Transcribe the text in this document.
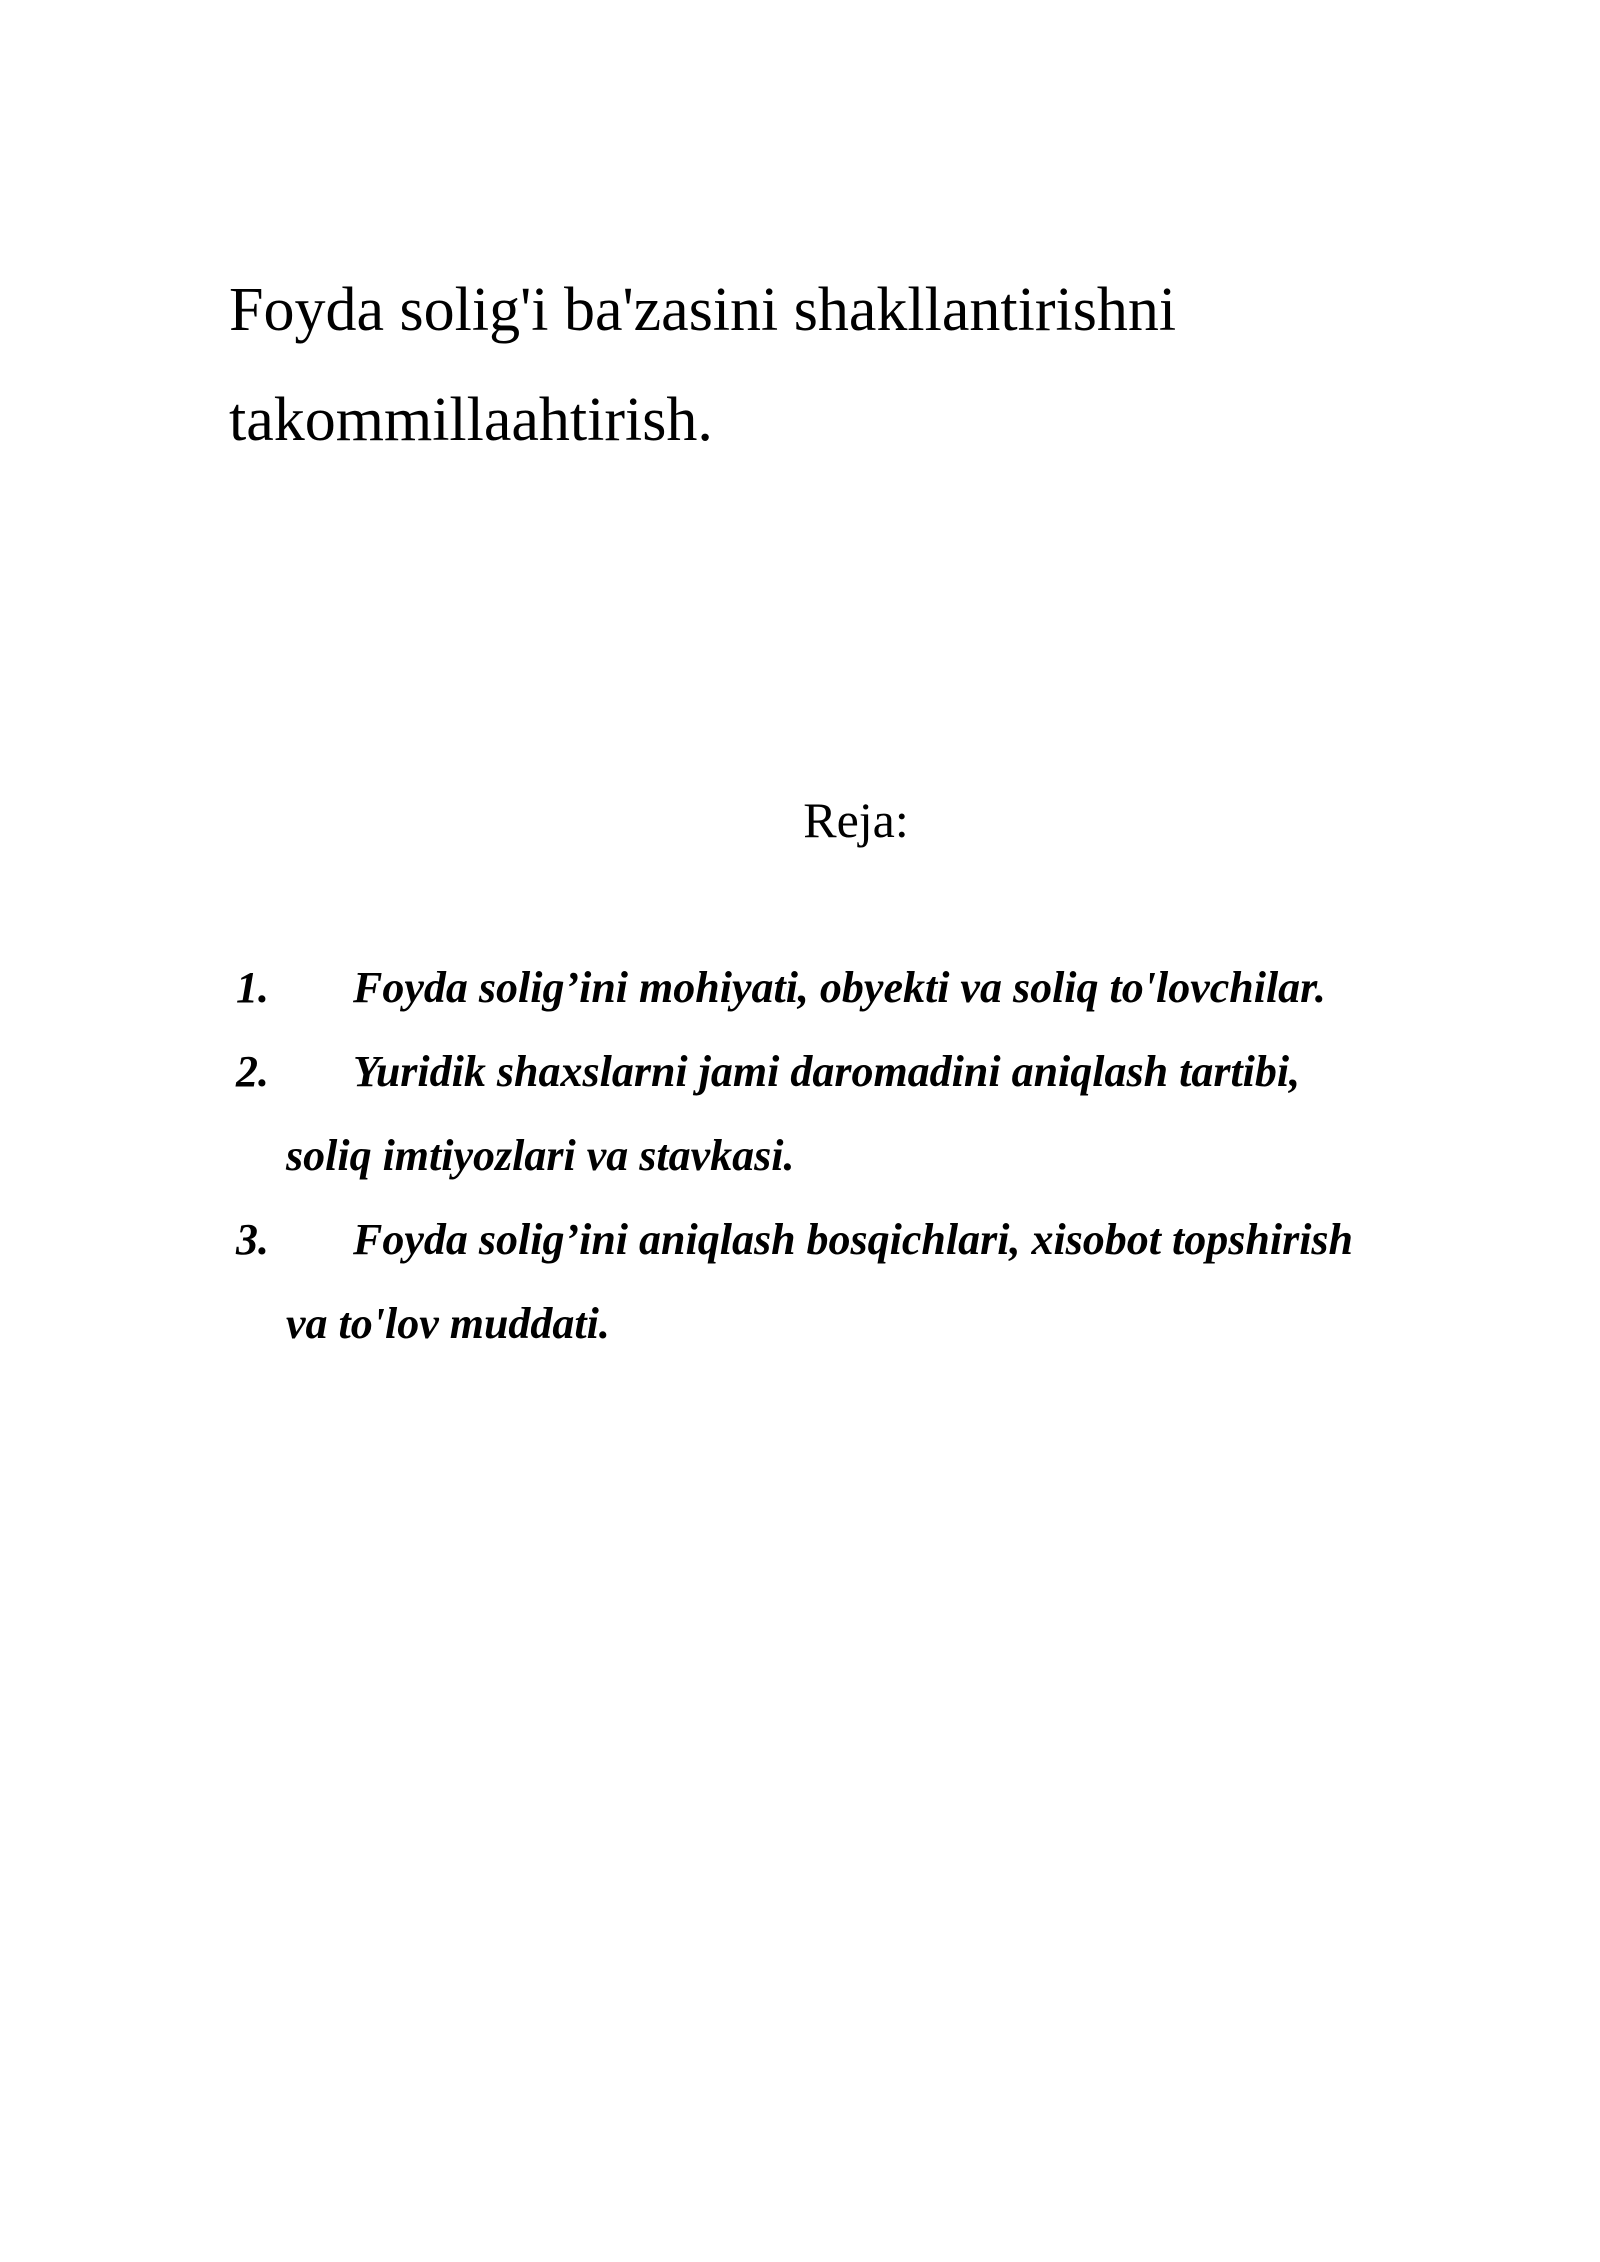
Foyda solig'i ba'zasini shakllantirishni
takommillaahtirish.
Reja:
1.	Foyda solig’ini mohiyati, obyekti va soliq to'lovchilar.
2.	Yuridik shaxslarni jami daromadini aniqlash tartibi,
soliq imtiyozlari va stavkasi.
3.	Foyda solig’ini aniqlash bosqichlari, xisobot topshirish
va to'lov muddati.
